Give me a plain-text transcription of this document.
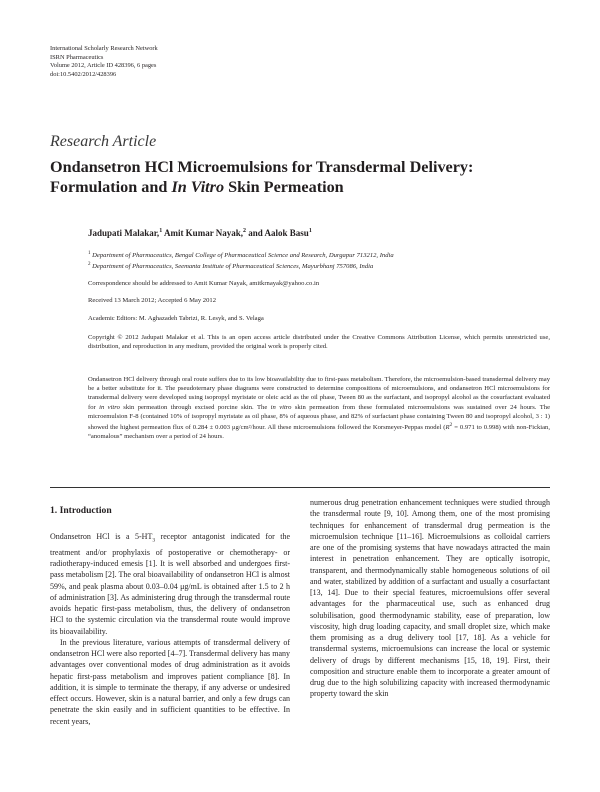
International Scholarly Research Network
ISRN Pharmaceutics
Volume 2012, Article ID 428396, 6 pages
doi:10.5402/2012/428396
Research Article
Ondansetron HCl Microemulsions for Transdermal Delivery:
Formulation and In Vitro Skin Permeation
Jadupati Malakar,$^1$ Amit Kumar Nayak,$^2$ and Aalok Basu$^1$
$^1$ Department of Pharmaceutics, Bengal College of Pharmaceutical Science and Research, Durgapur 713212, India
$^2$ Department of Pharmaceutics, Seemanta Institute of Pharmaceutical Sciences, Mayurbhanj 757086, India
Correspondence should be addressed to Amit Kumar Nayak, amitkrnayak@yahoo.co.in
Received 13 March 2012; Accepted 6 May 2012
Academic Editors: M. Aghazadeh Tabrizi, R. Lesyk, and S. Velaga
Copyright © 2012 Jadupati Malakar et al. This is an open access article distributed under the Creative Commons Attribution License, which permits unrestricted use, distribution, and reproduction in any medium, provided the original work is properly cited.
Ondansetron HCl delivery through oral route suffers due to its low bioavailability due to first-pass metabolism. Therefore, the microemulsion-based transdermal delivery may be a better substitute for it. The pseudoternary phase diagrams were constructed to determine compositions of microemulsions, and ondansetron HCl microemulsions for transdermal delivery were developed using isopropyl myristate or oleic acid as the oil phase, Tween 80 as the surfactant, and isopropyl alcohol as the cosurfactant evaluated for in vitro skin permeation through excised porcine skin. The in vitro skin permeation from these formulated microemulsions was sustained over 24 hours. The microemulsion F-8 (contained 10% of isopropyl myristate as oil phase, 8% of aqueous phase, and 82% of surfactant phase containing Tween 80 and isopropyl alcohol, 3 : 1) showed the highest permeation flux of 0.284 ± 0.003 μg/cm²/hour. All these microemulsions followed the Korsmeyer-Peppas model ($R^2 = 0.971$ to 0.998) with non-Fickian, “anomalous” mechanism over a period of 24 hours.
1. Introduction

Ondansetron HCl is a $5-HT_3$ receptor antagonist indicated for the treatment and/or prophylaxis of postoperative or chemotherapy- or radiotherapy-induced emesis [1]. It is well absorbed and undergoes first-pass metabolism [2]. The oral bioavailability of ondansetron HCl is almost 59%, and peak plasma about 0.03–0.04 μg/mL is obtained after 1.5 to 2 h of administration [3]. As administering drug through the transdermal route avoids hepatic first-pass metabolism, thus, the delivery of ondansetron HCl to the systemic circulation via the transdermal route would improve its bioavailability.

In the previous literature, various attempts of transdermal delivery of ondansetron HCl were also reported [4–7]. Transdermal delivery has many advantages over conventional modes of drug administration as it avoids hepatic first-pass metabolism and improves patient compliance [8]. In addition, it is simple to terminate the therapy, if any adverse or undesired effect occurs. However, skin is a natural barrier, and only a few drugs can penetrate the skin easily and in sufficient quantities to be effective. In recent years,

numerous drug penetration enhancement techniques were studied through the transdermal route [9, 10]. Among them, one of the most promising techniques for enhancement of transdermal drug permeation is the microemulsion technique [11–16]. Microemulsions as colloidal carriers are one of the promising systems that have nowadays attracted the main interest in penetration enhancement. They are optically isotropic, transparent, and thermodynamically stable homogeneous solutions of oil and water, stabilized by addition of a surfactant and usually a cosurfactant [13, 14]. Due to their special features, microemulsions offer several advantages for the pharmaceutical use, such as enhanced drug solubilisation, good thermodynamic stability, ease of preparation, low viscosity, high drug loading capacity, and small droplet size, which make them promising as a drug delivery tool [17, 18]. As a vehicle for transdermal systems, microemulsions can increase the local or systemic delivery of drugs by different mechanisms [15, 18, 19]. First, their composition and structure enable them to incorporate a greater amount of drug due to the high solubilizing capacity with increased thermodynamic property toward the skin
